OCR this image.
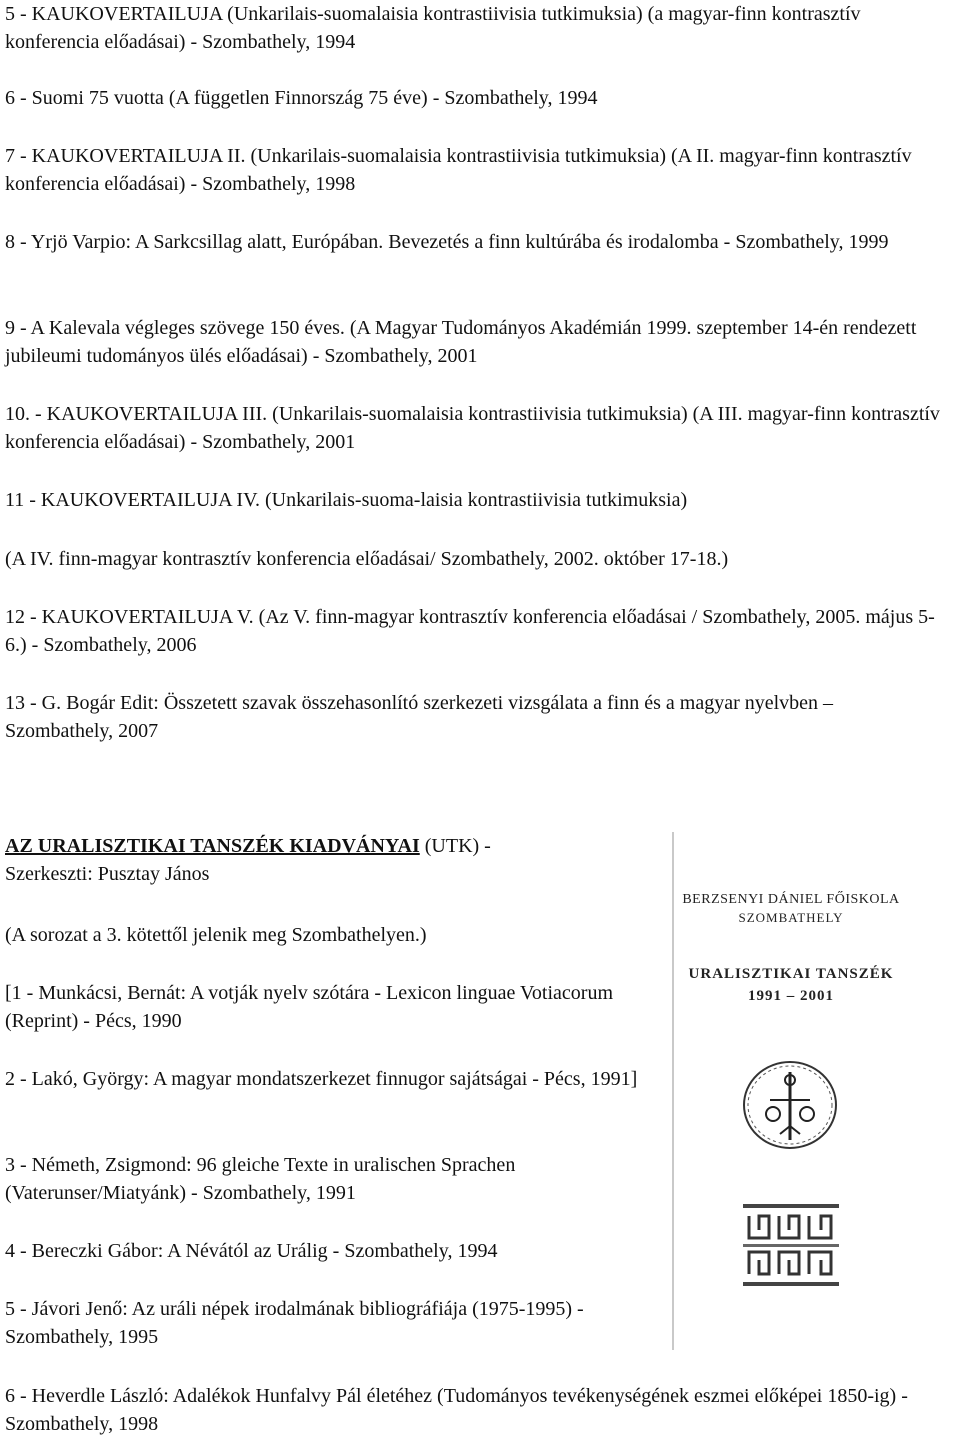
5 - KAUKOVERTAILUJA (Unkarilais-suomalaisia kontrastiivisia tutkimuksia) (a magyar-finn kontrasztív konferencia előadásai) - Szombathely, 1994

6 - Suomi 75 vuotta (A független Finnország 75 éve) - Szombathely, 1994

7 - KAUKOVERTAILUJA II. (Unkarilais-suomalaisia kontrastiivisia tutkimuksia) (A II. magyar-finn kontrasztív konferencia előadásai) - Szombathely, 1998

8 - Yrjö Varpio: A Sarkcsillag alatt, Európában. Bevezetés a finn kultúrába és irodalomba - Szombathely, 1999

9 - A Kalevala végleges szövege 150 éves. (A Magyar Tudományos Akadémián 1999. szeptember 14-én rendezett jubileumi tudományos ülés előadásai) - Szombathely, 2001

10. - KAUKOVERTAILUJA III. (Unkarilais-suomalaisia kontrastiivisia tutkimuksia) (A III. magyar-finn kontrasztív konferencia előadásai) - Szombathely, 2001

11 - KAUKOVERTAILUJA IV. (Unkarilais-suoma-laisia kontrastiivisia tutkimuksia)

(A IV. finn-magyar kontrasztív konferencia előadásai/ Szombathely, 2002. október 17-18.)

12 - KAUKOVERTAILUJA V. (Az V. finn-magyar kontrasztív konferencia előadásai / Szombathely, 2005. május 5-6.) - Szombathely, 2006

13 - G. Bogár Edit: Összetett szavak összehasonlító szerkezeti vizsgálata a finn és a magyar nyelvben – Szombathely, 2007

AZ URALISZTIKAI TANSZÉK KIADVÁNYAI (UTK) -
Szerkeszti: Pusztay János

(A sorozat a 3. kötettől jelenik meg Szombathelyen.)

[1 - Munkácsi, Bernát: A votják nyelv szótára - Lexicon linguae Votiacorum (Reprint) - Pécs, 1990

2 - Lakó, György: A magyar mondatszerkezet finnugor sajátságai - Pécs, 1991]

3 - Németh, Zsigmond: 96 gleiche Texte in uralischen Sprachen (Vaterunser/Miatyánk) - Szombathely, 1991

4 - Bereczki Gábor: A Névától az Urálig - Szombathely, 1994

5 - Jávori Jenő: Az uráli népek irodalmának bibliográfiája (1975-1995) - Szombathely, 1995

6 - Heverdle László: Adalékok Hunfalvy Pál életéhez (Tudományos tevékenységének eszmei előképei 1850-ig) - Szombathely, 1998

BERZSENYI DÁNIEL FŐISKOLA
SZOMBATHELY
URALISZTIKAI TANSZÉK
1991 – 2001
